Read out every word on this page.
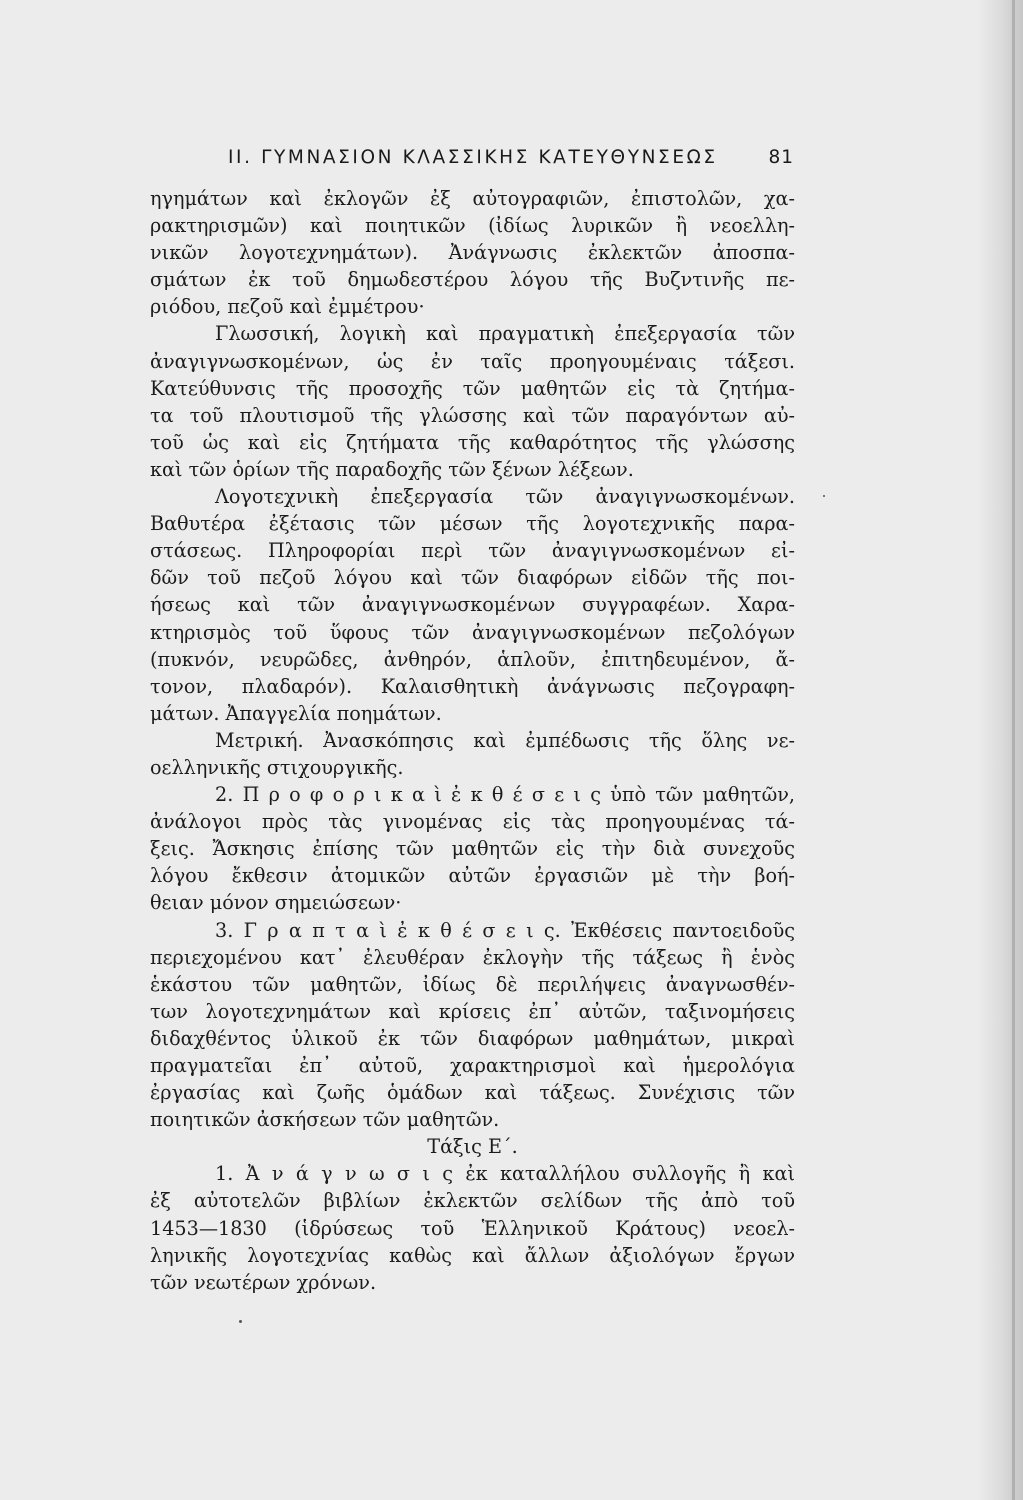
II. ΓΥΜΝΑΣΙΟΝ ΚΛΑΣΣΙΚΗΣ ΚΑΤΕΥΘΥΝΣΕΩΣ	81
ηγημάτων καὶ ἐκλογῶν ἐξ αὐτογραφιῶν, ἐπιστολῶν, χα-
ρακτηρισμῶν) καὶ ποιητικῶν (ἰδίως λυρικῶν ἢ νεοελλη-
νικῶν λογοτεχνημάτων). Ἀνάγνωσις ἐκλεκτῶν ἀποσπα-
σμάτων ἐκ τοῦ δημωδεστέρου λόγου τῆς Βυζντινῆς πε-
ριόδου, πεζοῦ καὶ ἐμμέτρου·
Γλωσσική, λογικὴ καὶ πραγματικὴ ἐπεξεργασία τῶν
ἀναγιγνωσκομένων, ὡς ἐν ταῖς προηγουμέναις τάξεσι.
Κατεύθυνσις τῆς προσοχῆς τῶν μαθητῶν εἰς τὰ ζητήμα-
τα τοῦ πλουτισμοῦ τῆς γλώσσης καὶ τῶν παραγόντων αὐ-
τοῦ ὡς καὶ εἰς ζητήματα τῆς καθαρότητος τῆς γλώσσης
καὶ τῶν ὁρίων τῆς παραδοχῆς τῶν ξένων λέξεων.
Λογοτεχνικὴ ἐπεξεργασία τῶν ἀναγιγνωσκομένων.
Βαθυτέρα ἐξέτασις τῶν μέσων τῆς λογοτεχνικῆς παρα-
στάσεως. Πληροφορίαι περὶ τῶν ἀναγιγνωσκομένων εἰ-
δῶν τοῦ πεζοῦ λόγου καὶ τῶν διαφόρων εἰδῶν τῆς ποι-
ήσεως καὶ τῶν ἀναγιγνωσκομένων συγγραφέων. Χαρα-
κτηρισμὸς τοῦ ὕφους τῶν ἀναγιγνωσκομένων πεζολόγων
(πυκνόν, νευρῶδες, ἀνθηρόν, ἁπλοῦν, ἐπιτηδευμένον, ἄ-
τονον, πλαδαρόν). Καλαισθητικὴ ἀνάγνωσις πεζογραφη-
μάτων. Ἀπαγγελία ποημάτων.
Μετρική. Ἀνασκόπησις καὶ ἐμπέδωσις τῆς ὅλης νε-
οελληνικῆς στιχουργικῆς.
2. Π ρ ο φ ο ρ ι κ α ὶ ἐ κ θ έ σ ε ι ς ὑπὸ τῶν μαθητῶν,
ἀνάλογοι πρὸς τὰς γινομένας εἰς τὰς προηγουμένας τά-
ξεις. Ἄσκησις ἐπίσης τῶν μαθητῶν εἰς τὴν διὰ συνεχοῦς
λόγου ἔκθεσιν ἀτομικῶν αὐτῶν ἐργασιῶν μὲ τὴν βοή-
θειαν μόνον σημειώσεων·
3. Γ ρ α π τ α ὶ ἐ κ θ έ σ ε ι ς. Ἐκθέσεις παντοειδοῦς
περιεχομένου κατ᾽ ἐλευθέραν ἐκλογὴν τῆς τάξεως ἢ ἑνὸς
ἑκάστου τῶν μαθητῶν, ἰδίως δὲ περιλήψεις ἀναγνωσθέν-
των λογοτεχνημάτων καὶ κρίσεις ἐπ᾽ αὐτῶν, ταξινομήσεις
διδαχθέντος ὑλικοῦ ἐκ τῶν διαφόρων μαθημάτων, μικραὶ
πραγματεῖαι ἐπ᾽ αὐτοῦ, χαρακτηρισμοὶ καὶ ἡμερολόγια
ἐργασίας καὶ ζωῆς ὁμάδων καὶ τάξεως. Συνέχισις τῶν
ποιητικῶν ἀσκήσεων τῶν μαθητῶν.
Τάξις Ε΄.
1. Ἀ ν ά γ ν ω σ ι ς ἐκ καταλλήλου συλλογῆς ἢ καὶ
ἐξ αὐτοτελῶν βιβλίων ἐκλεκτῶν σελίδων τῆς ἀπὸ τοῦ
1453—1830 (ἱδρύσεως τοῦ Ἑλληνικοῦ Κράτους) νεοελ-
ληνικῆς λογοτεχνίας καθὼς καὶ ἄλλων ἀξιολόγων ἔργων
τῶν νεωτέρων χρόνων.
